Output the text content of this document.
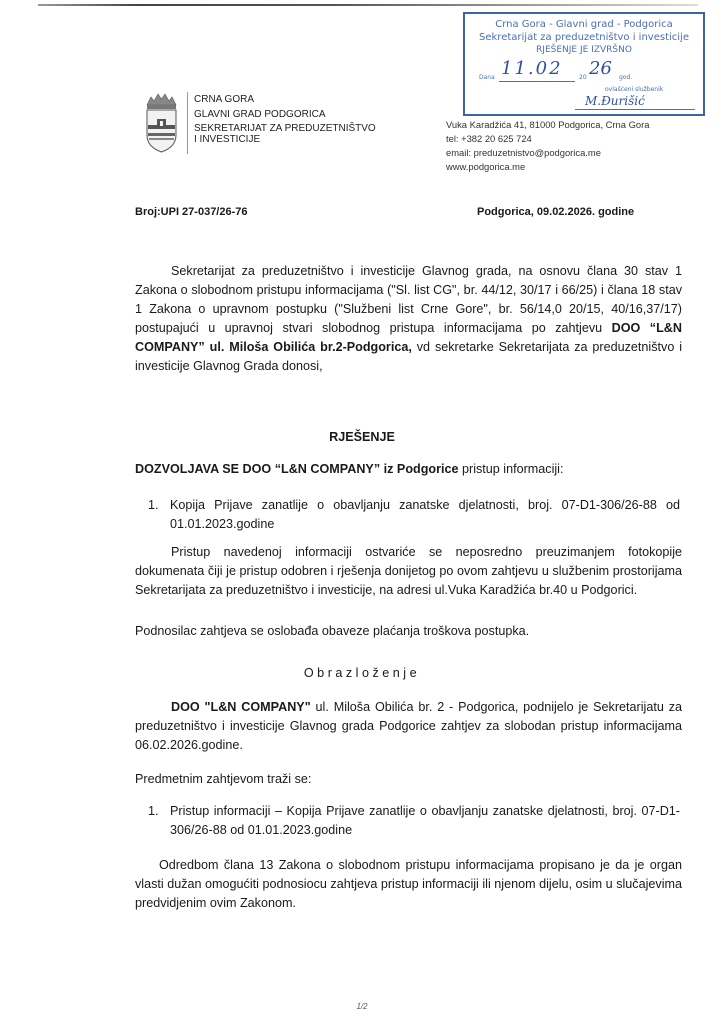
CRNA GORA
GLAVNI GRAD PODGORICA
SEKRETARIJAT ZA PREDUZETNIŠTVO
I INVESTICIJE
Vuka Karadžića 41, 81000 Podgorica, Crna Gora
tel: +382 20 625 724
email: preduzetnistvo@podgorica.me
www.podgorica.me
Crna Gora - Glavni grad - Podgorica
Sekretarijat za preduzetništvo i investicije
RJEŠENJE JE IZVRŠNO
Dana 11.02	20 26 god.
ovlašćeni službenik
M.Đurišić
Broj:UPI 27-037/26-76	Podgorica, 09.02.2026. godine
Sekretarijat za preduzetništvo i investicije Glavnog grada, na osnovu člana 30 stav 1 Zakona o slobodnom pristupu informacijama ("Sl. list CG", br. 44/12, 30/17 i 66/25) i člana 18 stav 1 Zakona o upravnom postupku ("Službeni list Crne Gore", br. 56/14,0 20/15, 40/16,37/17) postupajući u upravnoj stvari slobodnog pristupa informacijama po zahtjevu DOO “L&N COMPANY” ul. Miloša Obilića br.2-Podgorica, vd sekretarke Sekretarijata za preduzetništvo i investicije Glavnog Grada donosi,
RJEŠENJE
DOZVOLJAVA SE DOO “L&N COMPANY” iz Podgorice pristup informaciji:
1. Kopija Prijave zanatlije o obavljanju zanatske djelatnosti, broj. 07-D1-306/26-88 od 01.01.2023.godine
Pristup navedenoj informaciji ostvariće se neposredno preuzimanjem fotokopije dokumenata čiji je pristup odobren i rješenja donijetog po ovom zahtjevu u službenim prostorijama Sekretarijata za preduzetništvo i investicije, na adresi ul.Vuka Karadžića br.40 u Podgorici.
Podnosilac zahtjeva se oslobađa obaveze plaćanja troškova postupka.
Obrazloženje
DOO "L&N COMPANY" ul. Miloša Obilića br. 2 - Podgorica, podnijelo je Sekretarijatu za preduzetništvo i investicije Glavnog grada Podgorice zahtjev za slobodan pristup informacijama 06.02.2026.godine.
Predmetnim zahtjevom traži se:
1. Pristup informaciji – Kopija Prijave zanatlije o obavljanju zanatske djelatnosti, broj. 07-D1-306/26-88 od 01.01.2023.godine
Odredbom člana 13 Zakona o slobodnom pristupu informacijama propisano je da je organ vlasti dužan omogućiti podnosiocu zahtjeva pristup informaciji ili njenom dijelu, osim u slučajevima predvidjenim ovim Zakonom.
1/2
